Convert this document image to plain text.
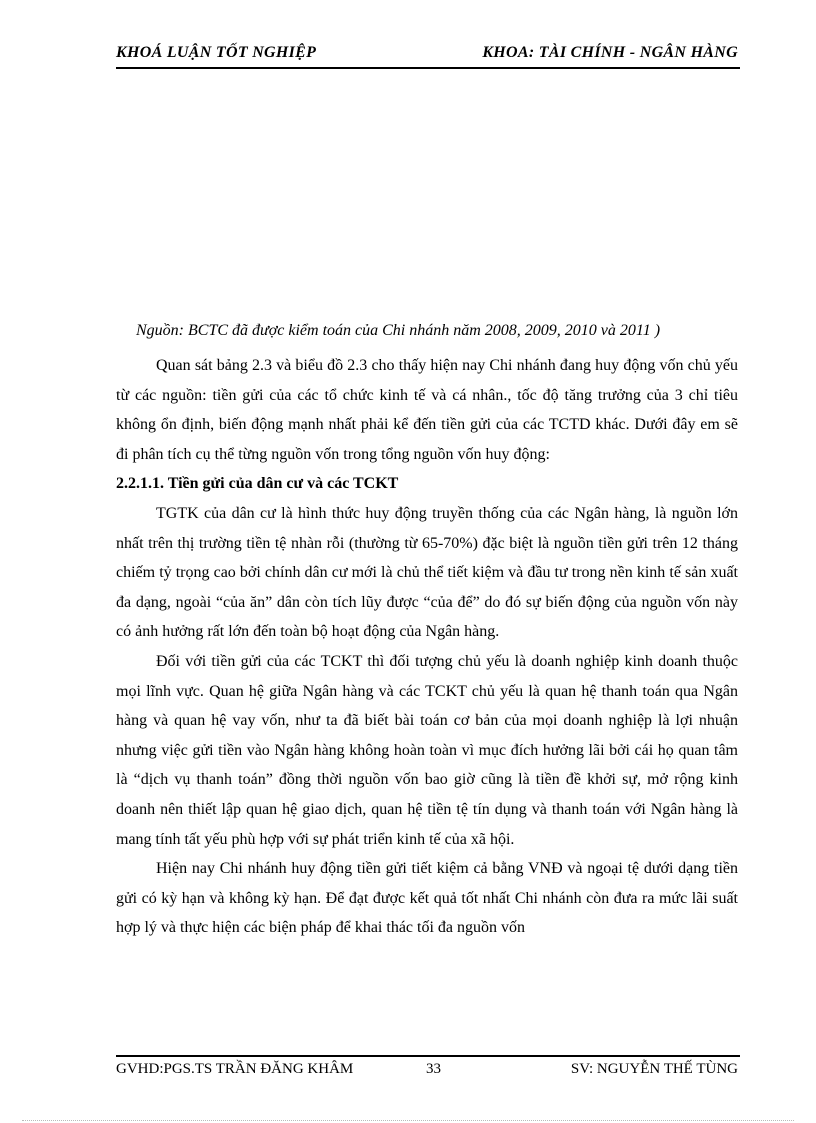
KHOÁ LUẬN TỐT NGHIỆP	KHOA: TÀI CHÍNH - NGÂN HÀNG
Nguồn: BCTC đã được kiểm toán của Chi nhánh năm 2008, 2009, 2010 và 2011 )

Quan sát bảng 2.3 và biểu đồ 2.3 cho thấy hiện nay Chi nhánh đang huy động vốn chủ yếu từ các nguồn: tiền gửi của các tổ chức kinh tế và cá nhân., tốc độ tăng trưởng của 3 chỉ tiêu không ổn định, biến động mạnh nhất phải kể đến tiền gửi của các TCTD khác. Dưới đây em sẽ đi phân tích cụ thể từng nguồn vốn trong tổng nguồn vốn huy động:

2.2.1.1. Tiền gửi của dân cư và các TCKT

TGTK của dân cư là hình thức huy động truyền thống của các Ngân hàng, là nguồn lớn nhất trên thị trường tiền tệ nhàn rỗi (thường từ 65-70%) đặc biệt là nguồn tiền gửi trên 12 tháng chiếm tỷ trọng cao bởi chính dân cư mới là chủ thể tiết kiệm và đầu tư trong nền kinh tế sản xuất đa dạng, ngoài “của ăn” dân còn tích lũy được “của để” do đó sự biến động của nguồn vốn này có ảnh hưởng rất lớn đến toàn bộ hoạt động của Ngân hàng.

Đối với tiền gửi của các TCKT thì đối tượng chủ yếu là doanh nghiệp kinh doanh thuộc mọi lĩnh vực. Quan hệ giữa Ngân hàng và các TCKT chủ yếu là quan hệ thanh toán qua Ngân hàng và quan hệ vay vốn, như ta đã biết bài toán cơ bản của mọi doanh nghiệp là lợi nhuận nhưng việc gửi tiền vào Ngân hàng không hoàn toàn vì mục đích hưởng lãi bởi cái họ quan tâm là “dịch vụ thanh toán” đồng thời nguồn vốn bao giờ cũng là tiền đề khởi sự, mở rộng kinh doanh nên thiết lập quan hệ giao dịch, quan hệ tiền tệ tín dụng và thanh toán với Ngân hàng là mang tính tất yếu phù hợp với sự phát triển kinh tế của xã hội.

Hiện nay Chi nhánh huy động tiền gửi tiết kiệm cả bằng VNĐ và ngoại tệ dưới dạng tiền gửi có kỳ hạn và không kỳ hạn. Để đạt được kết quả tốt nhất Chi nhánh còn đưa ra mức lãi suất hợp lý và thực hiện các biện pháp để khai thác tối đa nguồn vốn

GVHD:PGS.TS TRẦN ĐĂNG KHÂM	33	SV: NGUYỄN THẾ TÙNG
